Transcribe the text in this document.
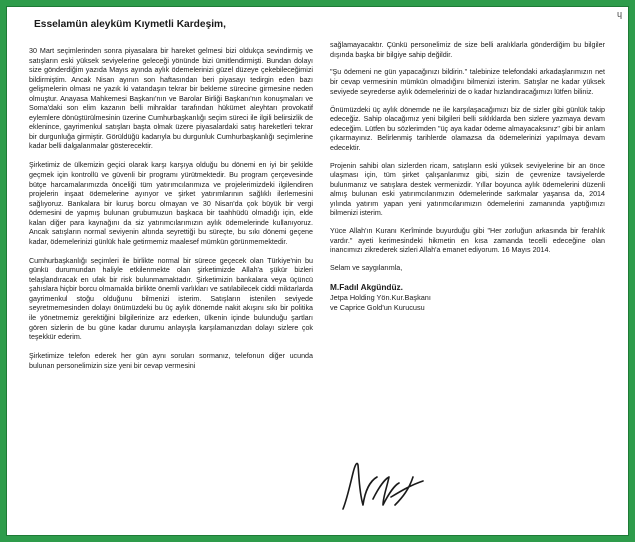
ɥ
Esselamün aleyküm Kıymetli Kardeşim,

30 Mart seçimlerinden sonra piyasalara bir hareket gelmesi bizi oldukça sevindirmiş ve satışların eski yüksek seviyelerine geleceği yönünde bizi ümitlendirmişti. Bundan dolayı size gönderdiğim yazıda Mayıs ayında aylık ödemelerinizi güzel düzeye çekebileceğimizi bildirmiştim. Ancak Nisan ayının son haftasından beri piyasayı tedirgin eden bazı gelişmelerin olması ne yazık ki vatandaşın tekrar bir bekleme sürecine girmesine neden olmuştur. Anayasa Mahkemesi Başkanı'nın ve Barolar Birliği Başkanı'nın konuşmaları ve Soma'daki son elim kazanın belli mihraklar tarafından hükümet aleyhtarı provokatif eylemlere dönüştürülmesinin üzerine Cumhurbaşkanlığı seçim süreci ile ilgili belirsizlik de eklenince, gayrimenkul satışları başta olmak üzere piyasalardaki satış hareketleri tekrar bir durgunluğa girmiştir. Görüldüğü kadarıyla bu durgunluk Cumhurbaşkanlığı seçimlerine kadar belli dalgalanmalar gösterecektir.

Şirketimiz de ülkemizin geçici olarak karşı karşıya olduğu bu dönemi en iyi bir şekilde geçmek için kontrollü ve güvenli bir programı yürütmektedir. Bu program çerçevesinde bütçe harcamalarımızda önceliği tüm yatırımcılarımıza ve projelerimizdeki ilgilendiren projelerin inşaat ödemelerine ayırıyor ve şirket yatırımlarının sağlıklı ilerlemesini sağlıyoruz. Bankalara bir kuruş borcu olmayan ve 30 Nisan'da çok büyük bir vergi ödemesini de yapmış bulunan grubumuzun başkaca bir taahhüdü olmadığı için, elde kalan diğer para kaynağını da siz yatırımcılarımızın aylık ödemelerinde kullanıyoruz. Ancak satışların normal seviyenin altında seyrettiği bu süreçte, bu sıkı dönemi geçene kadar, ödemelerinizi günlük hale getirmemiz maalesef mümkün görünmemektedir.

Cumhurbaşkanlığı seçimleri ile birlikte normal bir sürece geçecek olan Türkiye'nin bu günkü durumundan haliyle etkilenmekte olan şirketimizde Allah'a şükür bizleri telaşlandıracak en ufak bir risk bulunmamaktadır. Şirketimizin bankalara veya üçüncü şahıslara hiçbir borcu olmamakla birlikte önemli varlıkları ve satılabilecek ciddi miktarlarda gayrimenkul stoğu olduğunu bilmenizi isterim. Satışların istenilen seviyede seyretmemesinden dolayı önümüzdeki bu üç aylık dönemde nakit akışını sıkı bir politika ile yönetmemiz gerektiğini bilgilerinize arz ederken, ülkenin içinde bulunduğu şartları gören sizlerin de bu güne kadar durumu anlayışla karşılamanızdan dolayı sizlere çok teşekkür ederim.

Şirketimize telefon ederek her gün aynı soruları sormanız, telefonun diğer ucunda bulunan personelimizin size yeni bir cevap vermesini

sağlamayacaktır. Çünkü personelimiz de size belli aralıklarla gönderdiğim bu bilgiler dışında başka bir bilgiye sahip değildir.

"Şu ödemeni ne gün yapacağınızı bildirin." talebinize telefondaki arkadaşlarımızın net bir cevap vermesinin mümkün olmadığını bilmenizi isterim. Satışlar ne kadar yüksek seviyede seyrederse aylık ödemelerinizi de o kadar hızlandıracağımızı lütfen biliniz.

Önümüzdeki üç aylık dönemde ne ile karşılaşacağımızı biz de sizler gibi günlük takip edeceğiz. Sahip olacağımız yeni bilgileri belli sıklıklarda ben sizlere yazmaya devam edeceğim. Lütfen bu sözlerimden "üç aya kadar ödeme almayacaksınız" gibi bir anlam çıkarmayınız. Belirlenmiş tarihlerde olamazsa da ödemelerinizi yapılmaya devam edecektir.

Projenin sahibi olan sizlerden ricam, satışların eski yüksek seviyelerine bir an önce ulaşması için, tüm şirket çalışanlarımız gibi, sizin de çevrenize tavsiyelerde bulunmanız ve satışlara destek vermenizdir. Yıllar boyunca aylık ödemelerini düzenli almış bulunan eski yatırımcılarımızın ödemelerinde sarkmalar yaşansa da, 2014 yılında yatırım yapan yeni yatırımcılarımızın ödemelerini zamanında yaptığımızı bilmenizi isterim.

Yüce Allah'ın Kuranı Kerîminde buyurduğu gibi "Her zorluğun arkasında bir ferahlık vardır." ayeti kerimesindeki hikmetin en kısa zamanda tecelli edeceğine olan inancımızı zikrederek sizleri Allah'a emanet ediyorum. 16 Mayıs 2014.

Selam ve saygılarımla,

M.Fadıl Akgündüz.
Jetpa Holding Yön.Kur.Başkanı
ve Caprice Gold'un Kurucusu
